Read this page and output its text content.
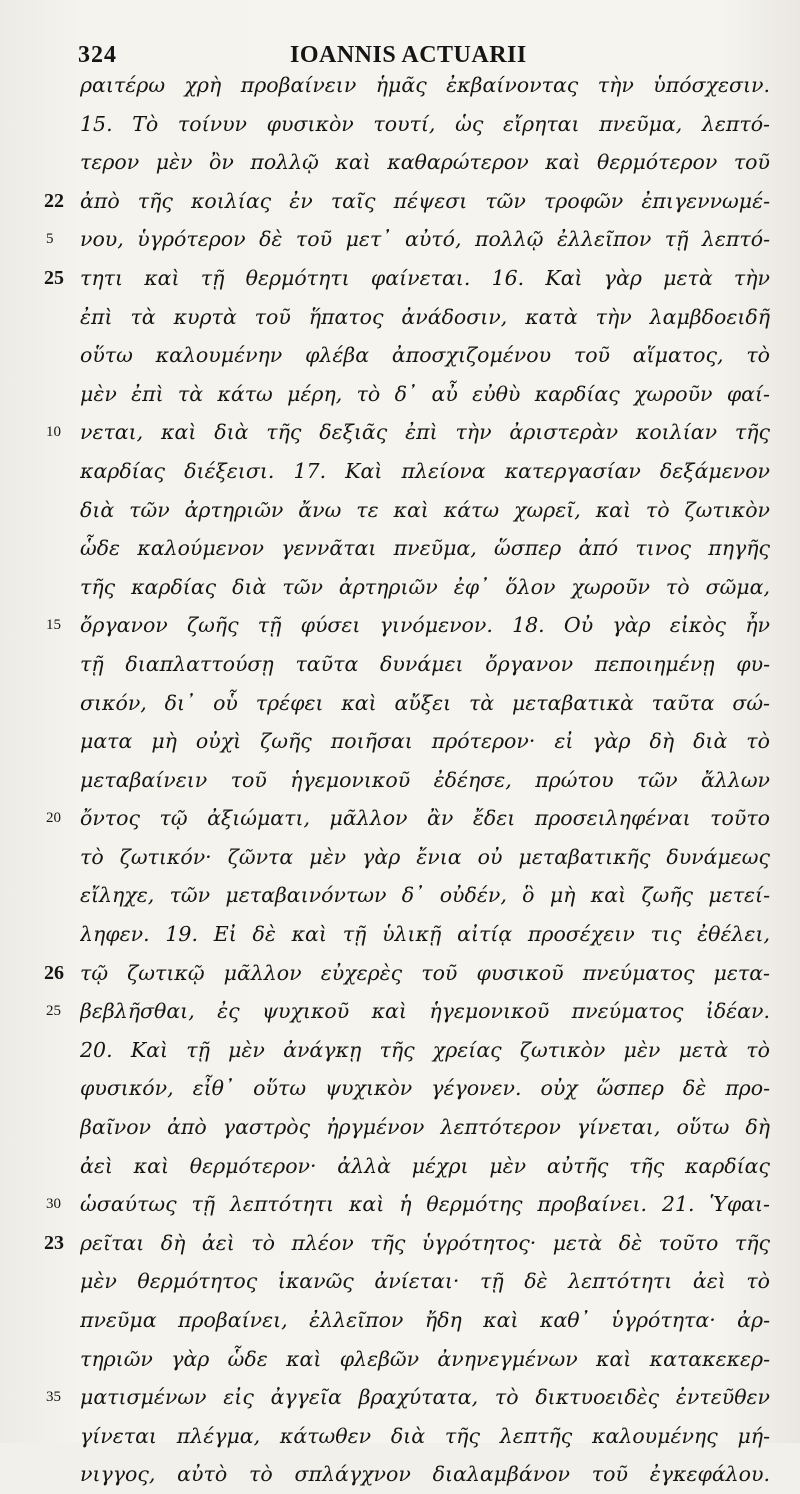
324	IOANNIS ACTUARII
ραιτέρω χρὴ προβαίνειν ἡμᾶς ἐκβαίνοντας τὴν ὑπόσχεσιν.
15. Τὸ τοίνυν φυσικὸν τουτί, ὡς εἴρηται πνεῦμα, λεπτό-
τερον μὲν ὂν πολλῷ καὶ καθαρώτερον καὶ θερμότερον τοῦ
22 ἀπὸ τῆς κοιλίας ἐν ταῖς πέψεσι τῶν τροφῶν ἐπιγεννωμέ-
5	νου, ὑγρότερον δὲ τοῦ μετ᾽ αὐτό, πολλῷ ἐλλεῖπον τῇ λεπτό-
25 τητι καὶ τῇ θερμότητι φαίνεται. 16. Καὶ γὰρ μετὰ τὴν
ἐπὶ τὰ κυρτὰ τοῦ ἥπατος ἀνάδοσιν, κατὰ τὴν λαμβδοειδῆ
οὕτω καλουμένην φλέβα ἀποσχιζομένου τοῦ αἵματος, τὸ
μὲν ἐπὶ τὰ κάτω μέρη, τὸ δ᾽ αὖ εὐθὺ καρδίας χωροῦν φαί-
10 νεται, καὶ διὰ τῆς δεξιᾶς ἐπὶ τὴν ἀριστερὰν κοιλίαν τῆς
καρδίας διέξεισι. 17. Καὶ πλείονα κατεργασίαν δεξάμενον
διὰ τῶν ἀρτηριῶν ἄνω τε καὶ κάτω χωρεῖ, καὶ τὸ ζωτικὸν
ὧδε καλούμενον γεννᾶται πνεῦμα, ὥσπερ ἀπό τινος πηγῆς
τῆς καρδίας διὰ τῶν ἀρτηριῶν ἐφ᾽ ὅλον χωροῦν τὸ σῶμα,
15 ὄργανον ζωῆς τῇ φύσει γινόμενον. 18. Οὐ γὰρ εἰκὸς ἦν
τῇ διαπλαττούσῃ ταῦτα δυνάμει ὄργανον πεποιημένῃ φυ-
σικόν, δι᾽ οὗ τρέφει καὶ αὔξει τὰ μεταβατικὰ ταῦτα σώ-
ματα μὴ οὐχὶ ζωῆς ποιῆσαι πρότερον· εἰ γὰρ δὴ διὰ τὸ
μεταβαίνειν τοῦ ἡγεμονικοῦ ἐδέησε, πρώτου τῶν ἄλλων
20 ὄντος τῷ ἀξιώματι, μᾶλλον ἂν ἔδει προσειληφέναι τοῦτο
τὸ ζωτικόν· ζῶντα μὲν γὰρ ἔνια οὐ μεταβατικῆς δυνάμεως
εἴληχε, τῶν μεταβαινόντων δ᾽ οὐδέν, ὃ μὴ καὶ ζωῆς μετεί-
ληφεν. 19. Εἰ δὲ καὶ τῇ ὑλικῇ αἰτίᾳ προσέχειν τις ἐθέλει,
26 τῷ ζωτικῷ μᾶλλον εὐχερὲς τοῦ φυσικοῦ πνεύματος μετα-
25 βεβλῆσθαι, ἐς ψυχικοῦ καὶ ἡγεμονικοῦ πνεύματος ἰδέαν.
20. Καὶ τῇ μὲν ἀνάγκῃ τῆς χρείας ζωτικὸν μὲν μετὰ τὸ
φυσικόν, εἶθ᾽ οὕτω ψυχικὸν γέγονεν. οὐχ ὥσπερ δὲ προ-
βαῖνον ἀπὸ γαστρὸς ἠργμένον λεπτότερον γίνεται, οὕτω δὴ
ἀεὶ καὶ θερμότερον· ἀλλὰ μέχρι μὲν αὐτῆς τῆς καρδίας
30 ὡσαύτως τῇ λεπτότητι καὶ ἡ θερμότης προβαίνει. 21. Ὑφαι-
23 ρεῖται δὴ ἀεὶ τὸ πλέον τῆς ὑγρότητος· μετὰ δὲ τοῦτο τῆς
μὲν θερμότητος ἱκανῶς ἀνίεται· τῇ δὲ λεπτότητι ἀεὶ τὸ
πνεῦμα προβαίνει, ἐλλεῖπον ἤδη καὶ καθ᾽ ὑγρότητα· ἀρ-
τηριῶν γὰρ ὧδε καὶ φλεβῶν ἀνηνεγμένων καὶ κατακεκερ-
35 ματισμένων εἰς ἀγγεῖα βραχύτατα, τὸ δικτυοειδὲς ἐντεῦθεν
γίνεται πλέγμα, κάτωθεν διὰ τῆς λεπτῆς καλουμένης μή-
νιγγος, αὐτὸ τὸ σπλάγχνον διαλαμβάνον τοῦ ἐγκεφάλου.
